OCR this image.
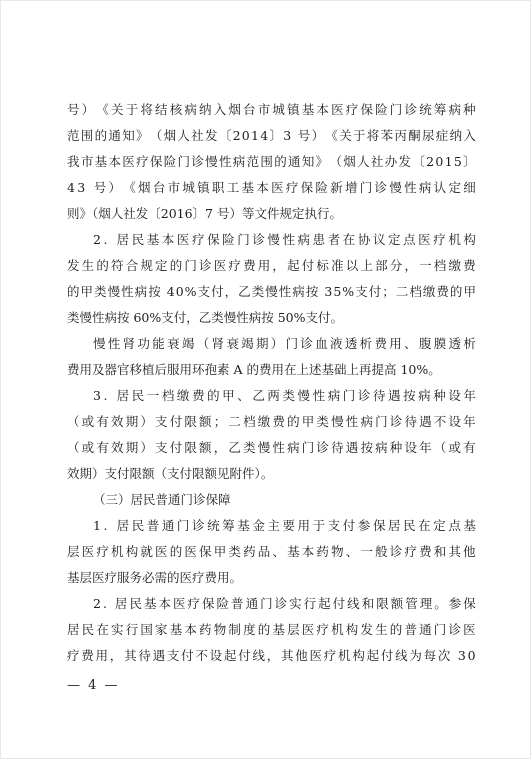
号 ） 《 关 于 将 结 核 病 纳 入 烟 台 市 城 镇 基 本 医 疗 保 险 门 诊 统 筹 病 种
范 围 的 通 知 》 （ 烟 人 社 发 〔 2 0 1 4 〕 3
号 ） 《 关 于 将 苯 丙 酮 尿 症 纳 入
我 市 基 本 医 疗 保 险 门 诊 慢 性 病 范 围 的 通 知 》 （ 烟 人 社 办 发 〔 2 0 1 5 〕
4 3
号 ） 《 烟 台 市 城 镇 职 工 基 本 医 疗 保 险 新 增 门 诊 慢 性 病 认 定 细
则》（烟人社发〔2016〕7 号）等文件规定执行。
2 .
居 民 基 本 医 疗 保 险 门 诊 慢 性 病 患 者 在 协 议 定 点 医 疗 机 构
发 生 的 符 合 规 定 的 门 诊 医 疗 费 用 ， 起 付 标 准 以 上 部 分 ， 一 档 缴 费
的 甲 类 慢 性 病 按
4 0 % 支 付 ， 乙 类 慢 性 病 按
3 5 % 支 付 ； 二 档 缴 费 的 甲
类慢性病按 60%支付，乙类慢性病按 50%支付。
慢 性 肾 功 能 衰 竭 （ 肾 衰 竭 期 ） 门 诊 血 液 透 析 费 用 、 腹 膜 透 析
费用及器官移植后服用环孢素 A 的费用在上述基础上再提高 10%。
3 .
居 民 一 档 缴 费 的 甲 、 乙 两 类 慢 性 病 门 诊 待 遇 按 病 种 设 年
（ 或 有 效 期 ） 支 付 限 额 ； 二 档 缴 费 的 甲 类 慢 性 病 门 诊 待 遇 不 设 年
（ 或 有 效 期 ） 支 付 限 额 ， 乙 类 慢 性 病 门 诊 待 遇 按 病 种 设 年 （ 或 有
效期）支付限额（支付限额见附件）。
（三）居民普通门诊保障
1 .
居 民 普 通 门 诊 统 筹 基 金 主 要 用 于 支 付 参 保 居 民 在 定 点 基
层 医 疗 机 构 就 医 的 医 保 甲 类 药 品 、 基 本 药 物 、 一 般 诊 疗 费 和 其 他
基层医疗服务必需的医疗费用。
2 .
居 民 基 本 医 疗 保 险 普 通 门 诊 实 行 起 付 线 和 限 额 管 理 。 参 保
居 民 在 实 行 国 家 基 本 药 物 制 度 的 基 层 医 疗 机 构 发 生 的 普 通 门 诊 医
疗 费 用 ， 其 待 遇 支 付 不 设 起 付 线 ， 其 他 医 疗 机 构 起 付 线 为 每 次
3 0
— 4 —
